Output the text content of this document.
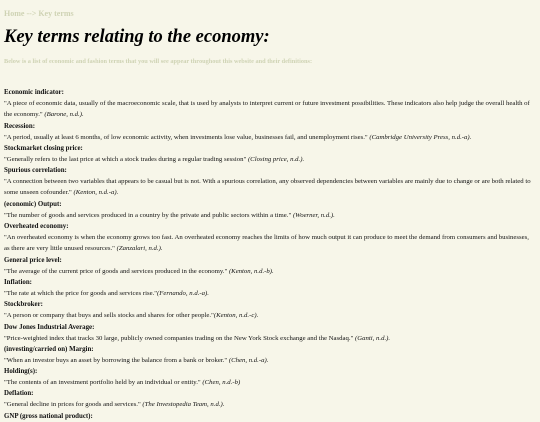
Home --> Key terms
Key terms relating to the economy:

Below is a list of economic and fashion terms that you will see appear throughout this website and their definitions:

Economic indicator:

"A piece of economic data, usually of the macroeconomic scale, that is used by analysts to interpret current or future investment possibilities. These indicators also help judge the overall health of the economy." (Barone, n.d.).

Recession:

"A period, usually at least 6 months, of low economic activity, when investments lose value, businesses fail, and unemployment rises." (Cambridge University Press, n.d.-a).

Stockmarket closing price:

"Generally refers to the last price at which a stock trades during a regular trading session" (Closing price, n.d.).

Spurious correlation:

"A connection between two variables that appears to be casual but is not. With a spurious correlation, any observed dependencies between variables are mainly due to change or are both related to some unseen cofounder." (Kenton, n.d.-a).

(economic) Output:

"The number of goods and services produced in a country by the private and public sectors within a time." (Woerner, n.d.).

Overheated economy:

"An overheated economy is when the economy grows too fast. An overheated economy reaches the limits of how much output it can produce to meet the demand from consumers and businesses, as there are very little unused resources." (Zanzalari, n.d.).

General price level:

"The average of the current price of goods and services produced in the economy." (Kenton, n.d.-b).

Inflation:

"The rate at which the price for goods and services rise."(Fernando, n.d.-a).

Stockbroker:

"A person or company that buys and sells stocks and shares for other people."(Kenton, n.d.-c).

Dow Jones Industrial Average:

"Price-weighted index that tracks 30 large, publicly owned companies trading on the New York Stock exchange and the Nasdaq." (Ganti, n.d.).

(investing/carried on) Margin:

"When an investor buys an asset by borrowing the balance from a bank or broker." (Chen, n.d.-a).

Holding(s):

"The contents of an investment portfolio held by an individual or entity." (Chen, n.d.-b)

Deflation:

"General decline in prices for goods and services." (The Investopedia Team, n.d.).

GNP (gross national product):
